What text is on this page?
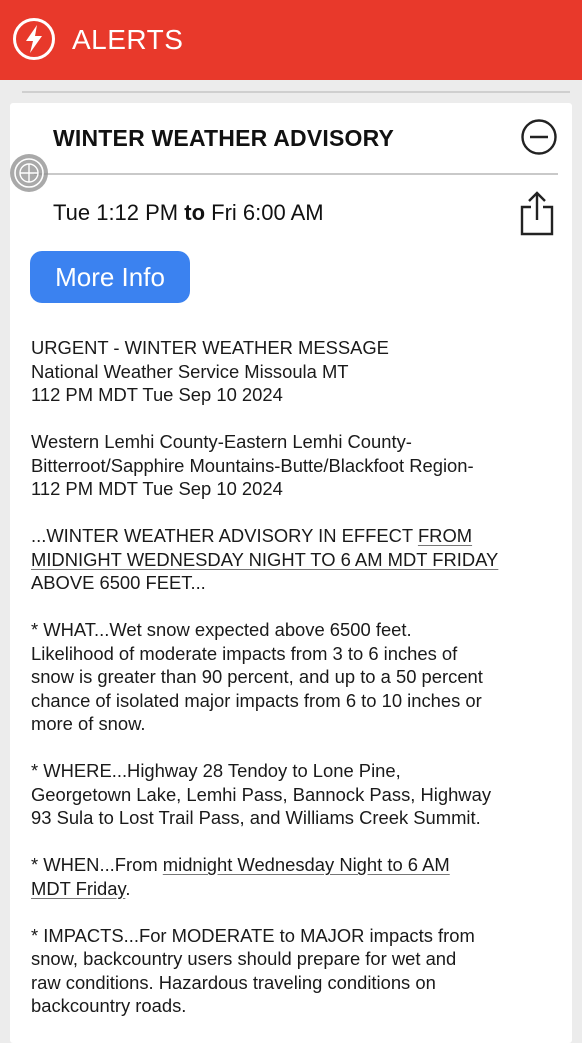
ALERTS
WINTER WEATHER ADVISORY
Tue 1:12 PM to Fri 6:00 AM
More Info

URGENT - WINTER WEATHER MESSAGE
National Weather Service Missoula MT
112 PM MDT Tue Sep 10 2024

Western Lemhi County-Eastern Lemhi County-
Bitterroot/Sapphire Mountains-Butte/Blackfoot Region-
112 PM MDT Tue Sep 10 2024

...WINTER WEATHER ADVISORY IN EFFECT FROM
MIDNIGHT WEDNESDAY NIGHT TO 6 AM MDT FRIDAY
ABOVE 6500 FEET...

* WHAT...Wet snow expected above 6500 feet.
Likelihood of moderate impacts from 3 to 6 inches of
snow is greater than 90 percent, and up to a 50 percent
chance of isolated major impacts from 6 to 10 inches or
more of snow.

* WHERE...Highway 28 Tendoy to Lone Pine,
Georgetown Lake, Lemhi Pass, Bannock Pass, Highway
93 Sula to Lost Trail Pass, and Williams Creek Summit.

* WHEN...From midnight Wednesday Night to 6 AM
MDT Friday.

* IMPACTS...For MODERATE to MAJOR impacts from
snow, backcountry users should prepare for wet and
raw conditions. Hazardous traveling conditions on
backcountry roads.
